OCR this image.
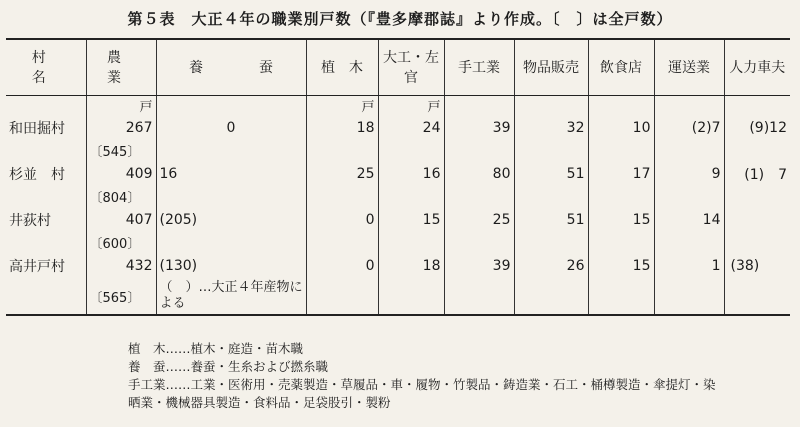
第５表　大正４年の職業別戸数（『豊多摩郡誌』より作成。〔　〕は全戸数）
村　名	農　業	養　　　　蚕	植　木	大工・左官	手工業	物品販売	飲食店	運送業	人力車夫
	戸		戸	戸					
和田掘村	267	0	18	24	39	32	10	(2)7	(9)12
	〔545〕								
杉並　村	409	16	25	16	80	51	17	9	(1)　7
	〔804〕								
井荻村	407	(205)	0	15	25	51	15	14	
	〔600〕								
高井戸村	432	(130)	0	18	39	26	15	1	(38)
	〔565〕	（　）…大正４年産物による							
植　木……植木・庭造・苗木職
養　蚕……養蚕・生糸および撚糸職
手工業……工業・医術用・売薬製造・草履品・車・履物・竹製品・鋳造業・石工・桶樽製造・傘提灯・染
晒業・機械器具製造・食料品・足袋股引・製粉
